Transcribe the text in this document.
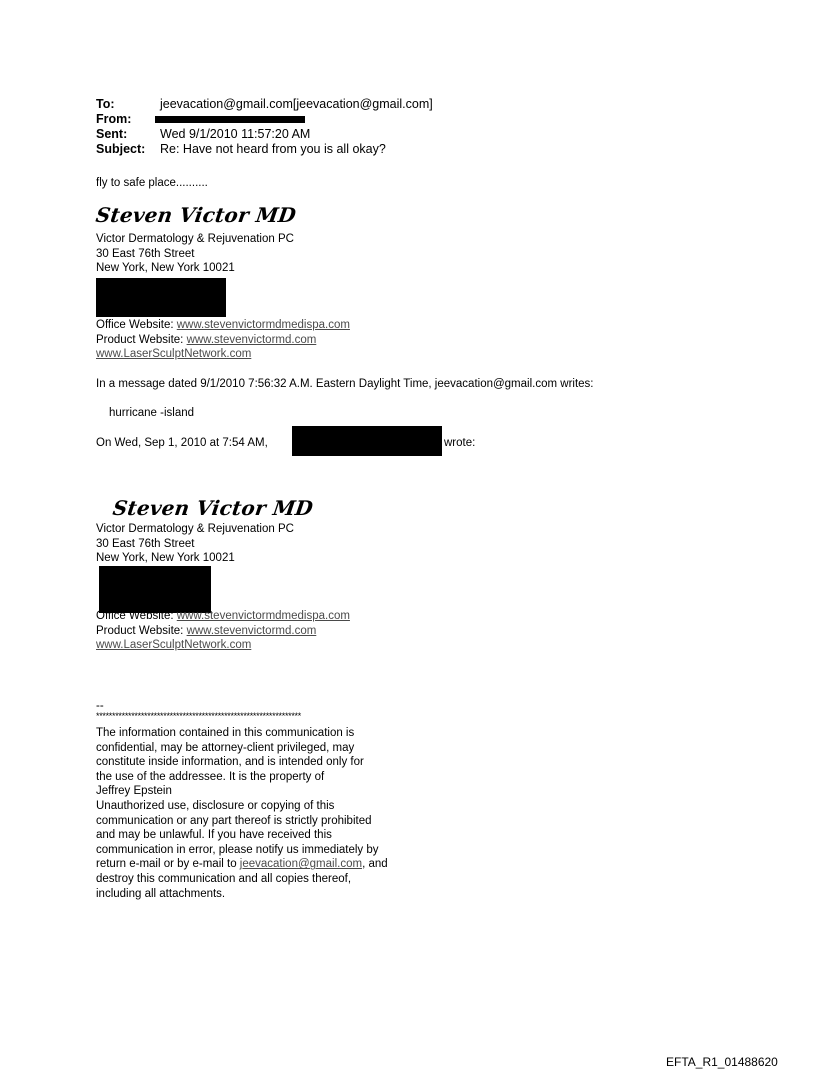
To:	jeevacation@gmail.com[jeevacation@gmail.com]
From:
Sent:	Wed 9/1/2010 11:57:20 AM
Subject: Re: Have not heard from you is all okay?
fly to safe place..........
Steven Victor MD
Victor Dermatology & Rejuvenation PC
30 East 76th Street
New York, New York 10021
Office Website: www.stevenvictormdmedispa.com
Product Website: www.stevenvictormd.com
www.LaserSculptNetwork.com
In a message dated 9/1/2010 7:56:32 A.M. Eastern Daylight Time, jeevacation@gmail.com writes:
hurricane -island
On Wed, Sep 1, 2010 at 7:54 AM,	wrote:
Steven Victor MD
Victor Dermatology & Rejuvenation PC
30 East 76th Street
New York, New York 10021
Office Website: www.stevenvictormdmedispa.com
Product Website: www.stevenvictormd.com
www.LaserSculptNetwork.com
--
****************************************************************
The information contained in this communication is
confidential, may be attorney-client privileged, may
constitute inside information, and is intended only for
the use of the addressee. It is the property of
Jeffrey Epstein
Unauthorized use, disclosure or copying of this
communication or any part thereof is strictly prohibited
and may be unlawful. If you have received this
communication in error, please notify us immediately by
return e-mail or by e-mail to jeevacation@gmail.com, and
destroy this communication and all copies thereof,
including all attachments.
EFTA_R1_01488620
